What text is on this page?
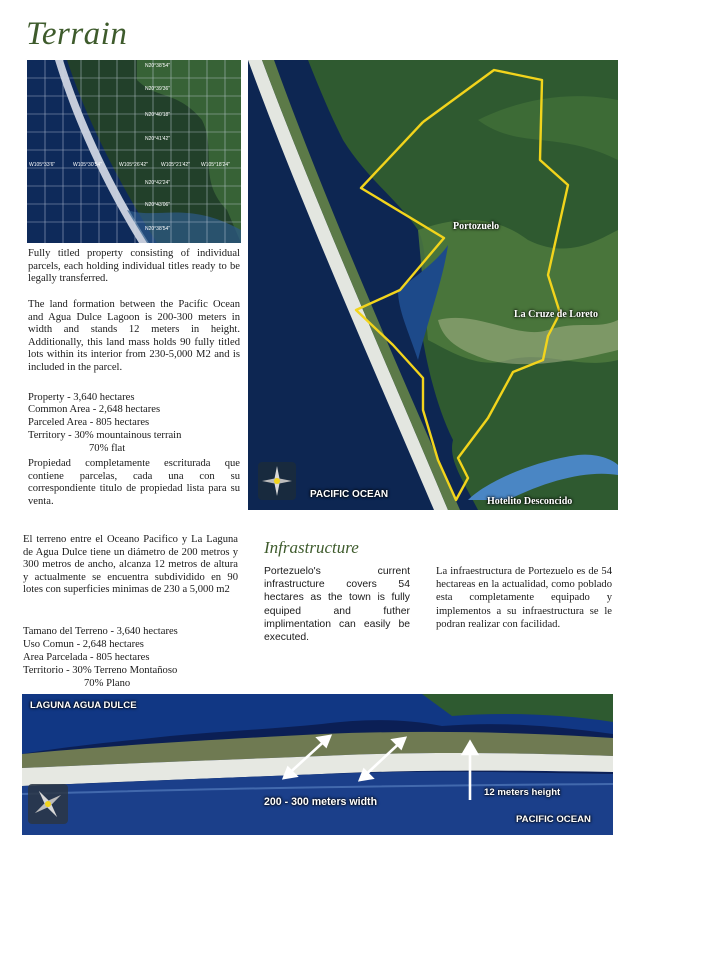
Terrain
N20°38'54"
N20°39'36"
N20°40'18"
N20°41'42"
N20°42'24"
N20°43'06"
N20°38'54"
W105°33'6"	W105°30'54"	W105°26'42"	W105°21'42" W105°18'24"
Portozuelo
La Cruze de Loreto
PACIFIC OCEAN
Hotelito Desconcido
Fully titled property consisting of individual parcels, each holding individual titles ready to be legally transferred.
The land formation between the Pacific Ocean and Agua Dulce Lagoon is 200-300 meters in width and stands 12 meters in height. Additionally, this land mass holds 90 fully titled lots within its interior from 230-5,000 M2 and is included in the parcel.
Property - 3,640 hectares
Common Area - 2,648 hectares
Parceled Area - 805 hectares
Territory - 30% mountainous terrain
70% flat
Propiedad completamente escriturada que contiene parcelas, cada una con su correspondiente titulo de propiedad lista para su venta.
El terreno entre el Oceano Pacifico y La Laguna de Agua Dulce tiene un diámetro de 200 metros y 300 metros de ancho, alcanza 12 metros de altura y actualmente se encuentra subdividido en 90 lotes con superficies minimas de 230 a 5,000 m2
Tamano del Terreno - 3,640 hectares
Uso Comun - 2,648 hectares
Area Parcelada - 805 hectares
Territorio - 30% Terreno Montañoso
70% Plano
Infrastructure
Portezuelo's current infrastructure covers 54 hectares as the town is fully equiped and futher implimentation can easily be executed.
La infraestructura de Portezuelo es de 54 hectareas en la actualidad, como poblado esta completamente equipado y implementos a su infraestructura se le podran realizar con facilidad.
LAGUNA AGUA DULCE
200 - 300 meters width
12 meters height
PACIFIC OCEAN
